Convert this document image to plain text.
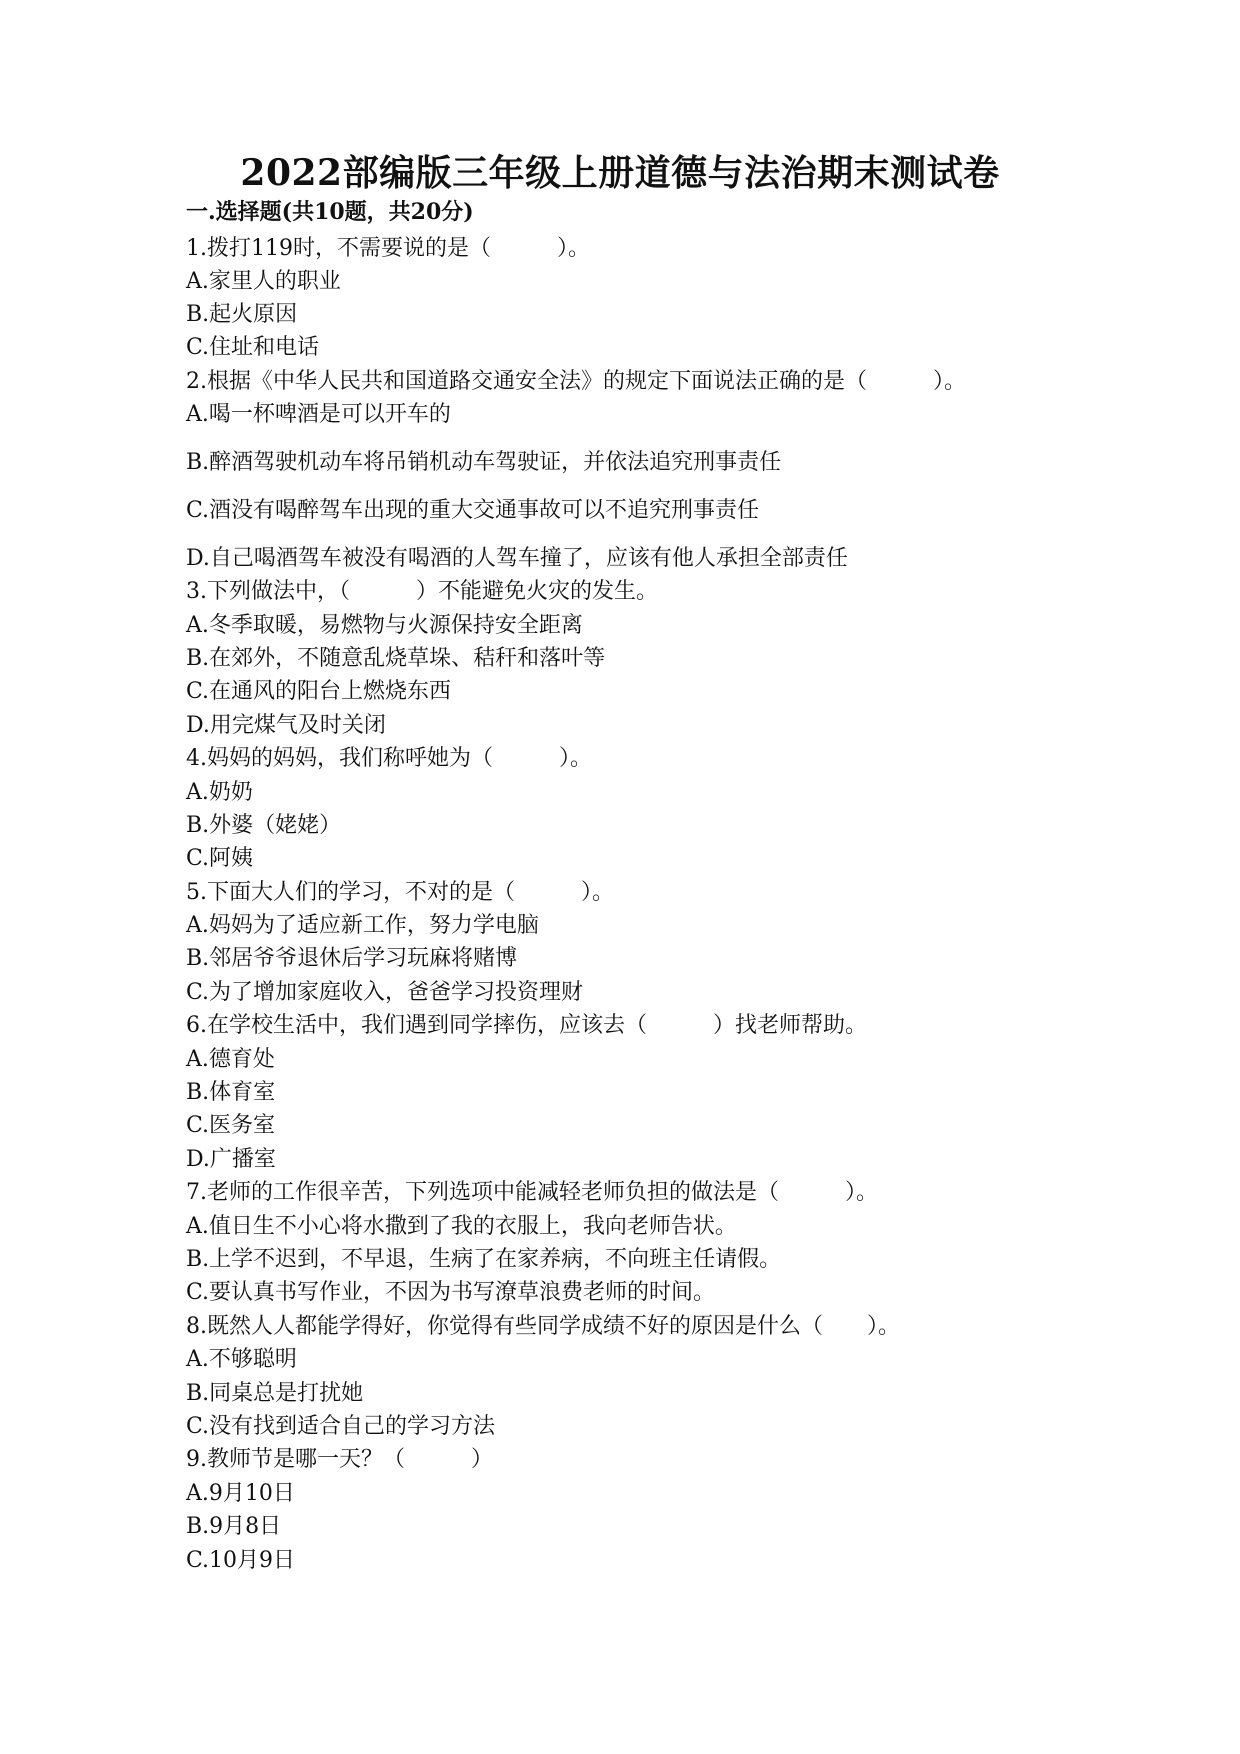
2022部编版三年级上册道德与法治期末测试卷
一.选择题(共10题，共20分)
1.拨打119时，不需要说的是（　　　）。
A.家里人的职业
B.起火原因
C.住址和电话
2.根据《中华人民共和国道路交通安全法》的规定下面说法正确的是（　　　）。
A.喝一杯啤酒是可以开车的
B.醉酒驾驶机动车将吊销机动车驾驶证，并依法追究刑事责任
C.酒没有喝醉驾车出现的重大交通事故可以不追究刑事责任
D.自己喝酒驾车被没有喝酒的人驾车撞了，应该有他人承担全部责任
3.下列做法中，（　　　）不能避免火灾的发生。
A.冬季取暖，易燃物与火源保持安全距离
B.在郊外，不随意乱烧草垛、秸秆和落叶等
C.在通风的阳台上燃烧东西
D.用完煤气及时关闭
4.妈妈的妈妈，我们称呼她为（　　　）。
A.奶奶
B.外婆（姥姥）
C.阿姨
5.下面大人们的学习，不对的是（　　　）。
A.妈妈为了适应新工作，努力学电脑
B.邻居爷爷退休后学习玩麻将赌博
C.为了增加家庭收入，爸爸学习投资理财
6.在学校生活中，我们遇到同学摔伤，应该去（　　　）找老师帮助。
A.德育处
B.体育室
C.医务室
D.广播室
7.老师的工作很辛苦，下列选项中能减轻老师负担的做法是（　　　）。
A.值日生不小心将水撒到了我的衣服上，我向老师告状。
B.上学不迟到，不早退，生病了在家养病，不向班主任请假。
C.要认真书写作业，不因为书写潦草浪费老师的时间。
8.既然人人都能学得好，你觉得有些同学成绩不好的原因是什么（　　）。
A.不够聪明
B.同桌总是打扰她
C.没有找到适合自己的学习方法
9.教师节是哪一天？（　　　）
A.9月10日
B.9月8日
C.10月9日
